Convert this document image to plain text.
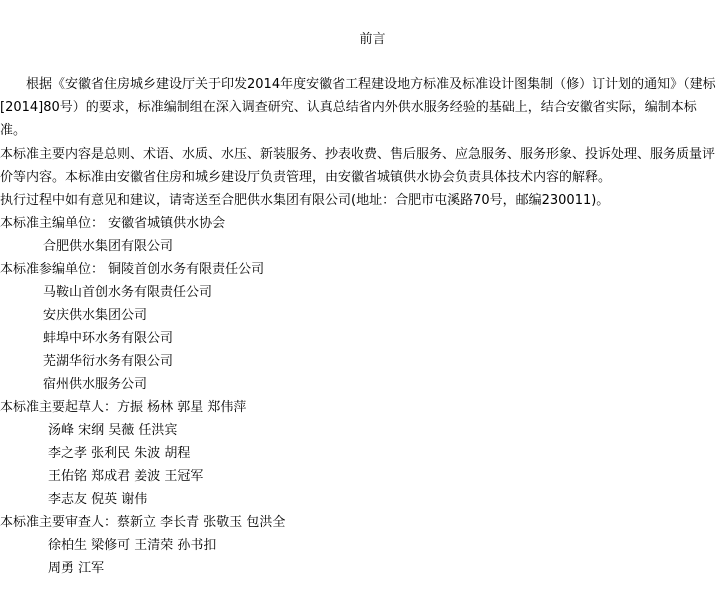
前言

根据《安徽省住房城乡建设厅关于印发2014年度安徽省工程建设地方标准及标准设计图集制（修）订计划的通知》（建标[2014]80号）的要求，标准编制组在深入调查研究、认真总结省内外供水服务经验的基础上，结合安徽省实际，编制本标准。

本标准主要内容是总则、术语、水质、水压、新装服务、抄表收费、售后服务、应急服务、服务形象、投诉处理、服务质量评价等内容。本标准由安徽省住房和城乡建设厅负责管理，由安徽省城镇供水协会负责具体技术内容的解释。
执行过程中如有意见和建议，请寄送至合肥供水集团有限公司(地址：合肥市屯溪路70号，邮编230011)。
本标准主编单位： 安徽省城镇供水协会
合肥供水集团有限公司
本标准参编单位： 铜陵首创水务有限责任公司
马鞍山首创水务有限责任公司
安庆供水集团公司
蚌埠中环水务有限公司
芜湖华衍水务有限公司
宿州供水服务公司
本标准主要起草人：方振 杨林 郭星 郑伟萍
汤峰 宋纲 吴薇 任洪宾
李之孝 张利民 朱波 胡程
王佑铭 郑成君 姜波 王冠军
李志友 倪英 谢伟
本标准主要审查人：蔡新立 李长青 张敬玉 包洪全
徐柏生 梁修可 王清荣 孙书扣
周勇 江军
